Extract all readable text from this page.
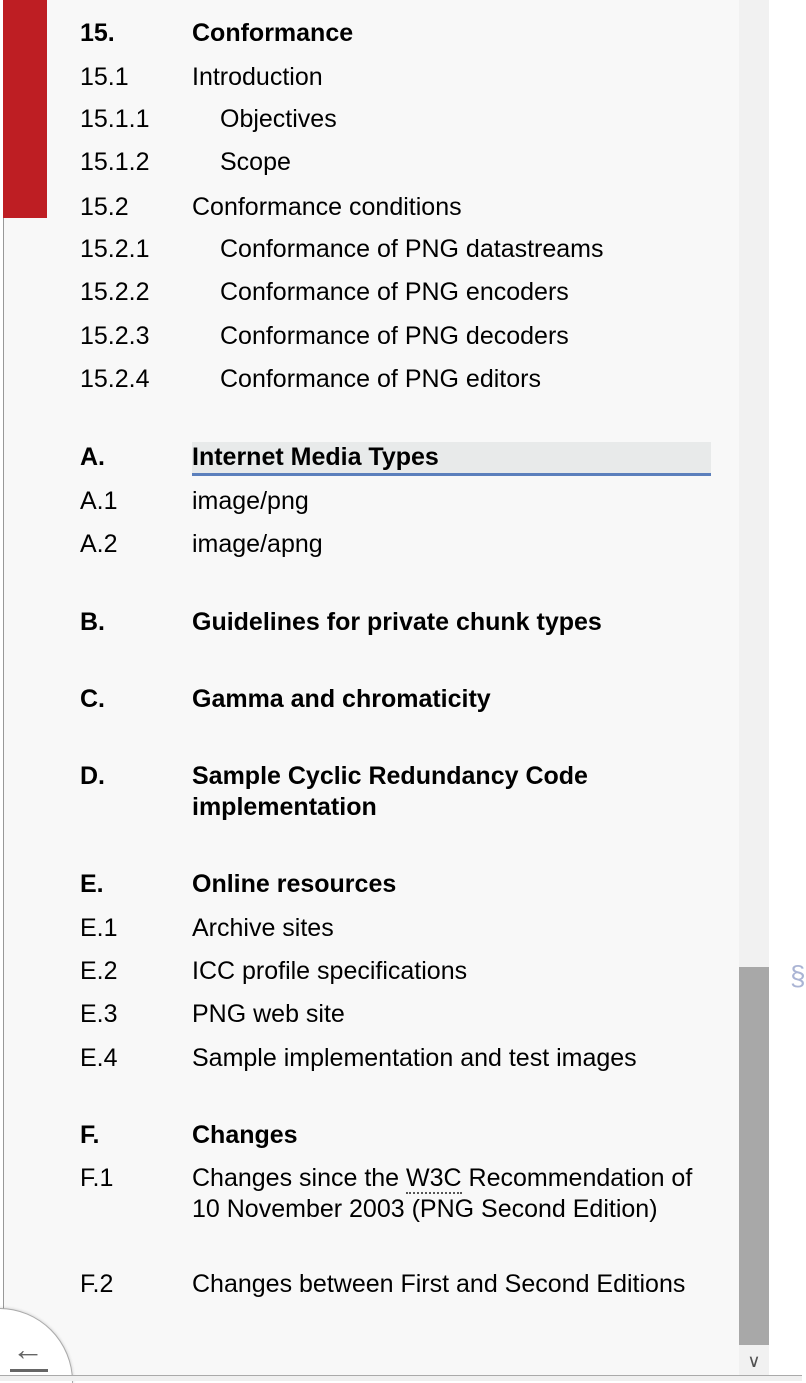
15.	Conformance
15.1	Introduction
15.1.1	Objectives
15.1.2	Scope
15.2	Conformance conditions
15.2.1	Conformance of PNG datastreams
15.2.2	Conformance of PNG encoders
15.2.3	Conformance of PNG decoders
15.2.4	Conformance of PNG editors
A.	Internet Media Types
A.1	image/png
A.2	image/apng
B.	Guidelines for private chunk types
C.	Gamma and chromaticity
D.	Sample Cyclic Redundancy Code implementation
E.	Online resources
E.1	Archive sites
E.2	ICC profile specifications
E.3	PNG web site
E.4	Sample implementation and test images
F.	Changes
F.1	Changes since the W3C Recommendation of 10 November 2003 (PNG Second Edition)
F.2	Changes between First and Second Editions
∨
§
←
